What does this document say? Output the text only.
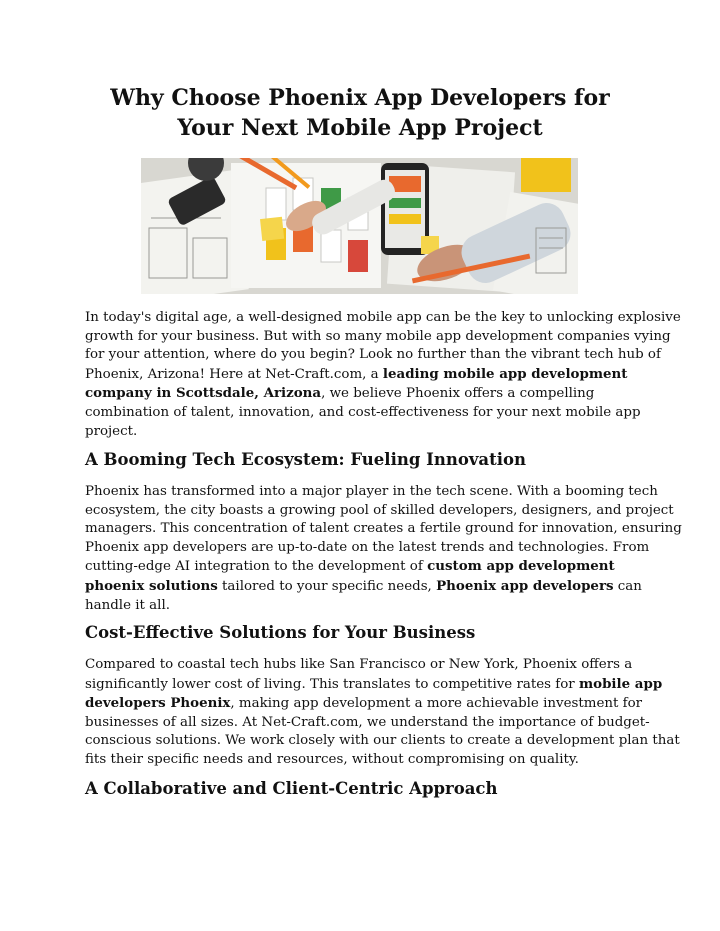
Why Choose Phoenix App Developers for
Your Next Mobile App Project

In today's digital age, a well-designed mobile app can be the key to unlocking explosive
growth for your business. But with so many mobile app development companies vying
for your attention, where do you begin? Look no further than the vibrant tech hub of
Phoenix, Arizona! Here at Net-Craft.com, a leading mobile app development
company in Scottsdale, Arizona, we believe Phoenix offers a compelling
combination of talent, innovation, and cost-effectiveness for your next mobile app
project.

A Booming Tech Ecosystem: Fueling Innovation

Phoenix has transformed into a major player in the tech scene. With a booming tech
ecosystem, the city boasts a growing pool of skilled developers, designers, and project
managers. This concentration of talent creates a fertile ground for innovation, ensuring
Phoenix app developers are up-to-date on the latest trends and technologies. From
cutting-edge AI integration to the development of custom app development
phoenix solutions tailored to your specific needs, Phoenix app developers can
handle it all.

Cost-Effective Solutions for Your Business

Compared to coastal tech hubs like San Francisco or New York, Phoenix offers a
significantly lower cost of living. This translates to competitive rates for mobile app
developers Phoenix, making app development a more achievable investment for
businesses of all sizes. At Net-Craft.com, we understand the importance of budget-
conscious solutions. We work closely with our clients to create a development plan that
fits their specific needs and resources, without compromising on quality.

A Collaborative and Client-Centric Approach
